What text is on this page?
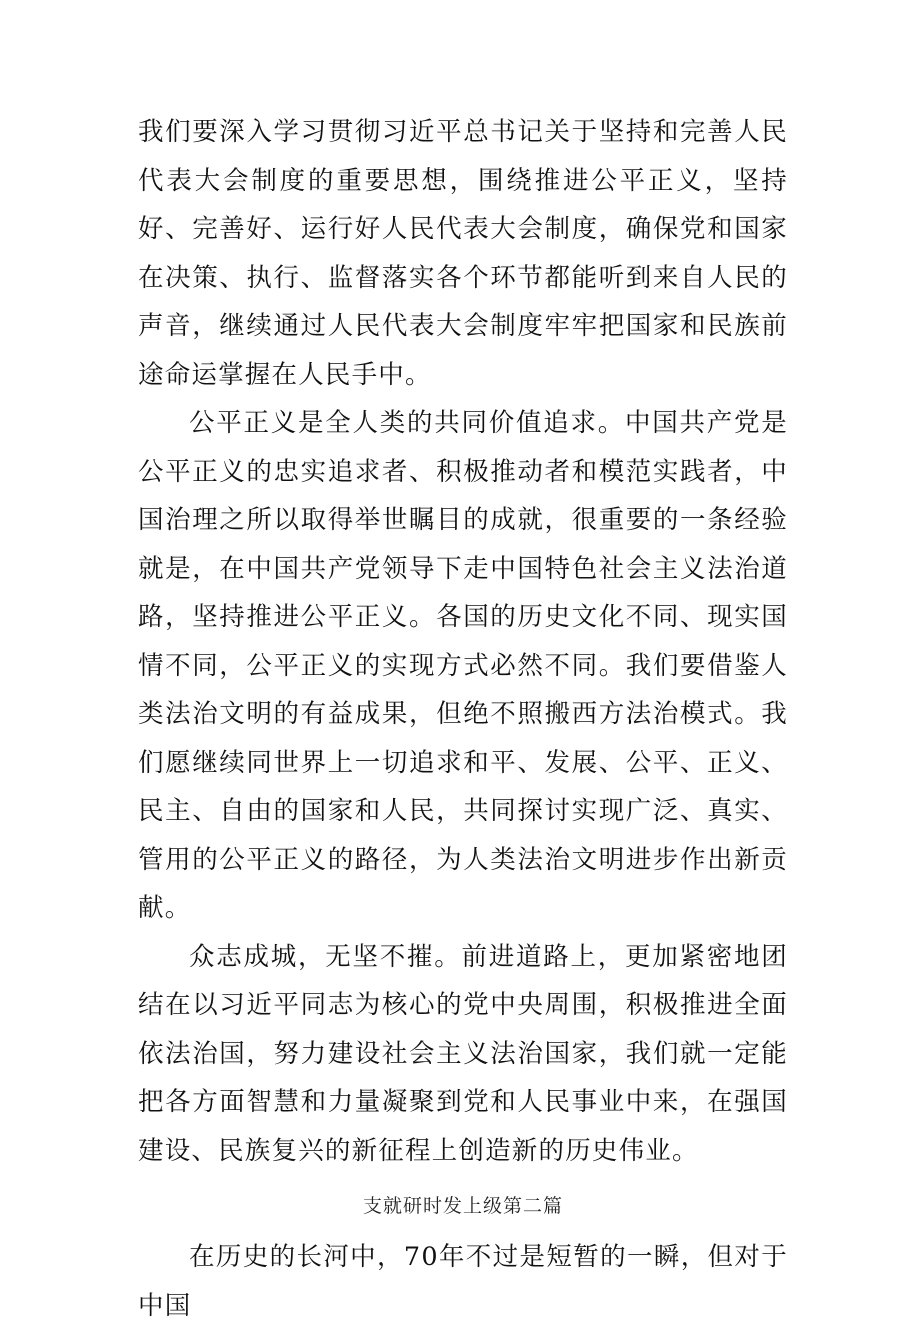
我们要深入学习贯彻习近平总书记关于坚持和完善人民代表大会制度的重要思想，围绕推进公平正义，坚持好、完善好、运行好人民代表大会制度，确保党和国家在决策、执行、监督落实各个环节都能听到来自人民的声音，继续通过人民代表大会制度牢牢把国家和民族前途命运掌握在人民手中。

公平正义是全人类的共同价值追求。中国共产党是公平正义的忠实追求者、积极推动者和模范实践者，中国治理之所以取得举世瞩目的成就，很重要的一条经验就是，在中国共产党领导下走中国特色社会主义法治道路，坚持推进公平正义。各国的历史文化不同、现实国情不同，公平正义的实现方式必然不同。我们要借鉴人类法治文明的有益成果，但绝不照搬西方法治模式。我们愿继续同世界上一切追求和平、发展、公平、正义、民主、自由的国家和人民，共同探讨实现广泛、真实、管用的公平正义的路径，为人类法治文明进步作出新贡献。

众志成城，无坚不摧。前进道路上，更加紧密地团结在以习近平同志为核心的党中央周围，积极推进全面依法治国，努力建设社会主义法治国家，我们就一定能把各方面智慧和力量凝聚到党和人民事业中来，在强国建设、民族复兴的新征程上创造新的历史伟业。

支就研时发上级第二篇

在历史的长河中，70年不过是短暂的一瞬，但对于中国
